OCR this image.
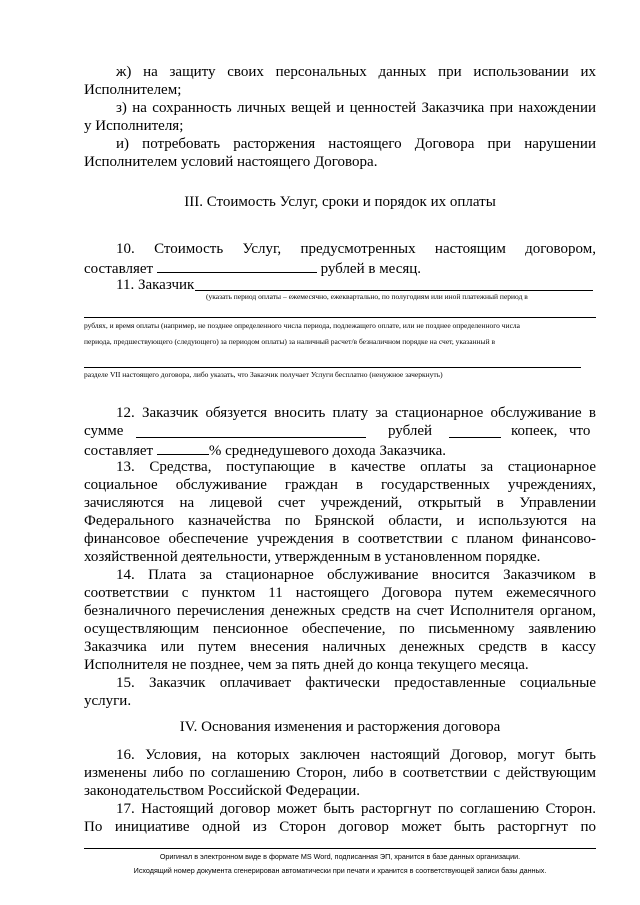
ж) на защиту своих персональных данных при использовании их
Исполнителем;
з) на сохранность личных вещей и ценностей Заказчика при нахождении
у Исполнителя;
и) потребовать расторжения настоящего Договора при нарушении
Исполнителем условий настоящего Договора.
III. Стоимость Услуг, сроки и порядок их оплаты
10. Стоимость Услуг, предусмотренных настоящим договором,
составляет	рублей в месяц.
11. Заказчик
(указать период оплаты – ежемесячно, ежеквартально, по полугодиям или иной платежный период в
рублях, и время оплаты (например, не позднее определенного числа периода, подлежащего оплате, или не позднее определенного числа
периода, предшествующего (следующего) за периодом оплаты) за наличный расчет/в безналичном порядке на счет, указанный в
разделе VII настоящего договора, либо указать, что Заказчик получает Услуги бесплатно (ненужное зачеркнуть)
12. Заказчик обязуется вносить плату за стационарное обслуживание в
сумме	рублей	копеек, что
составляет	% среднедушевого дохода Заказчика.
13. Средства, поступающие в качестве оплаты за стационарное
социальное обслуживание граждан в государственных учреждениях,
зачисляются на лицевой счет учреждений, открытый в Управлении
Федерального казначейства по Брянской области, и используются на
финансовое обеспечение учреждения в соответствии с планом финансово-
хозяйственной деятельности, утвержденным в установленном порядке.
14. Плата за стационарное обслуживание вносится Заказчиком в
соответствии с пунктом 11 настоящего Договора путем ежемесячного
безналичного перечисления денежных средств на счет Исполнителя органом,
осуществляющим пенсионное обеспечение, по письменному заявлению
Заказчика или путем внесения наличных денежных средств в кассу
Исполнителя не позднее, чем за пять дней до конца текущего месяца.
15. Заказчик оплачивает фактически предоставленные социальные
услуги.
IV. Основания изменения и расторжения договора
16. Условия, на которых заключен настоящий Договор, могут быть
изменены либо по соглашению Сторон, либо в соответствии с действующим
законодательством Российской Федерации.
17. Настоящий договор может быть расторгнут по соглашению Сторон.
По инициативе одной из Сторон договор может быть расторгнут по
Оригинал в электронном виде в формате MS Word, подписанная ЭП, хранится в базе данных организации.
Исходящий номер документа сгенерирован автоматически при печати и хранится в соответствующей записи базы данных.
